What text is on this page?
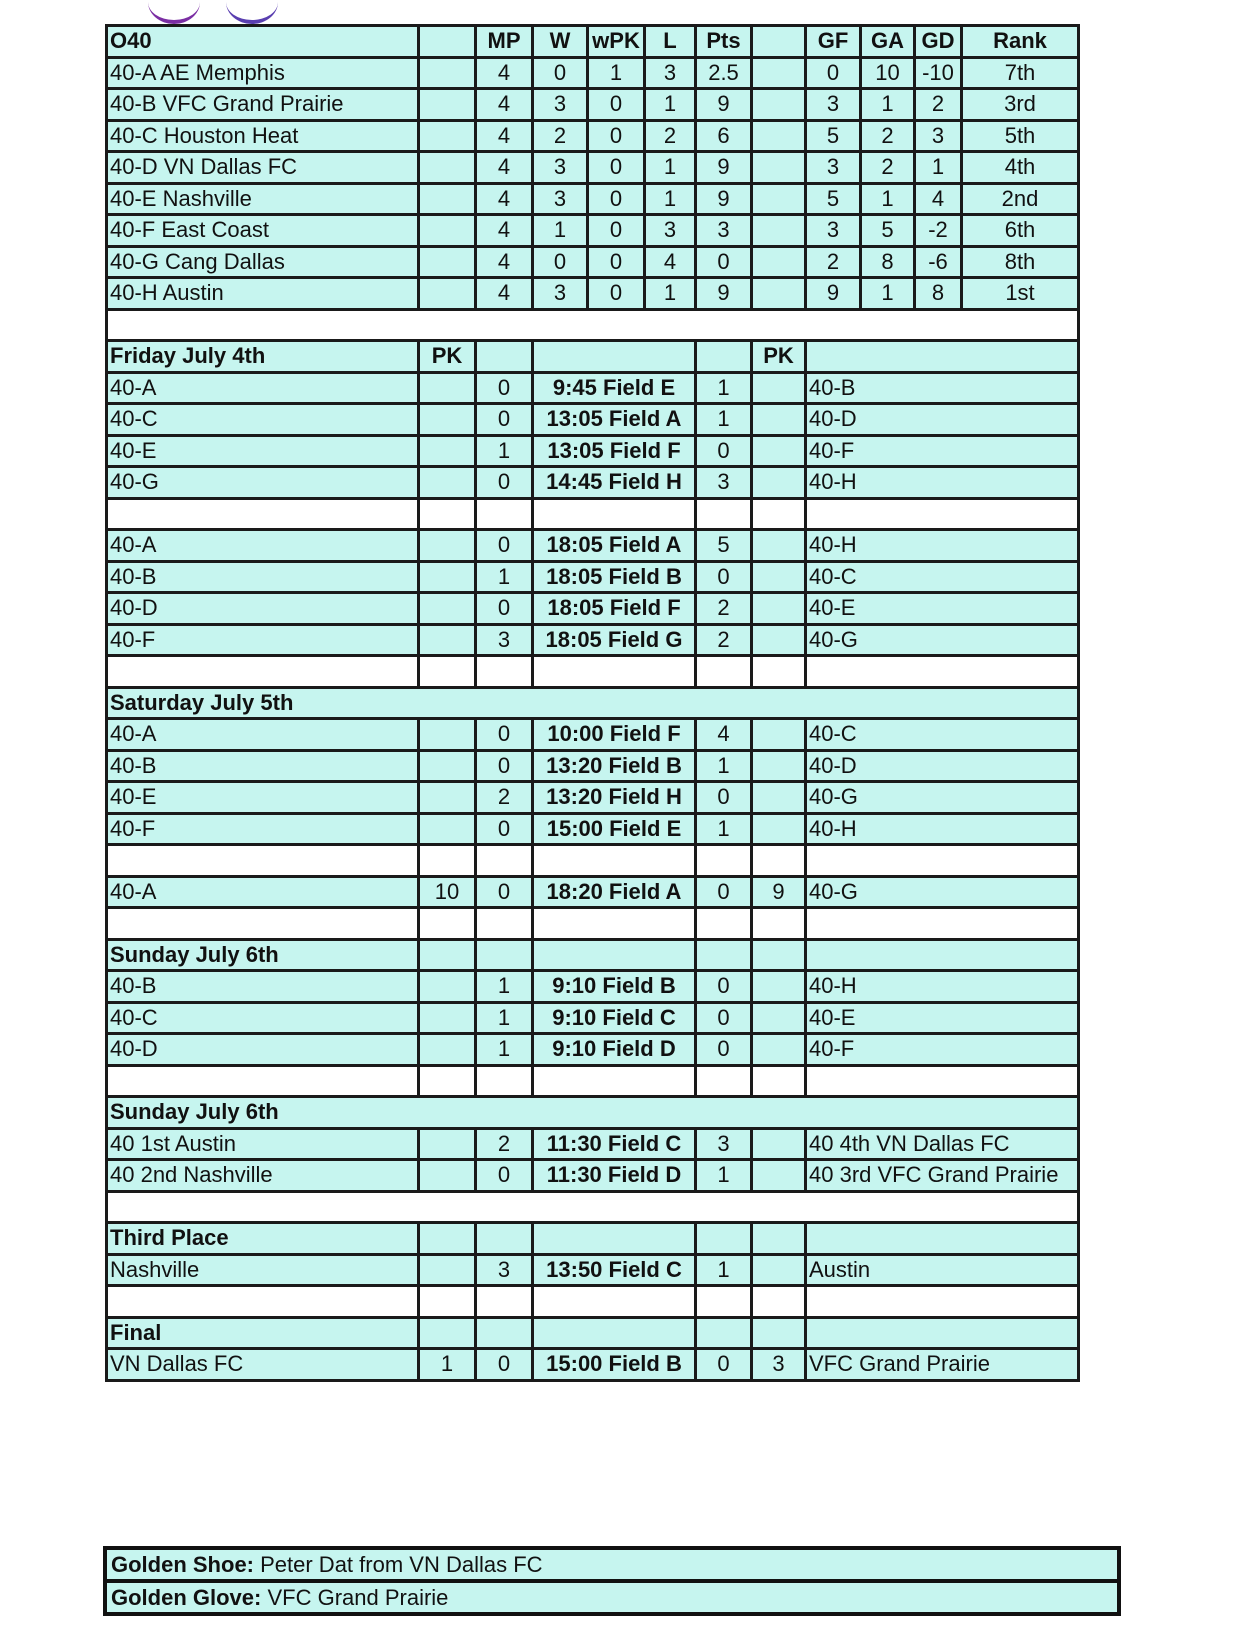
O40		MP	W	wPK	L	Pts		GF	GA	GD	Rank
40-A AE Memphis		4	0	1	3	2.5		0	10	-10	7th
40-B VFC Grand Prairie		4	3	0	1	9		3	1	2	3rd
40-C Houston Heat		4	2	0	2	6		5	2	3	5th
40-D VN Dallas FC		4	3	0	1	9		3	2	1	4th
40-E Nashville		4	3	0	1	9		5	1	4	2nd
40-F East Coast		4	1	0	3	3		3	5	-2	6th
40-G Cang Dallas		4	0	0	4	0		2	8	-6	8th
40-H Austin		4	3	0	1	9		9	1	8	1st

Friday July 4th	PK						PK				
40-A		0	9:45 Field E			1		40-B			
40-C		0	13:05 Field A			1		40-D			
40-E		1	13:05 Field F			0		40-F			
40-G		0	14:45 Field H			3		40-H			

40-A		0	18:05 Field A			5		40-H			
40-B		1	18:05 Field B			0		40-C			
40-D		0	18:05 Field F			2		40-E			
40-F		3	18:05 Field G			2		40-G			

Saturday July 5th											
40-A		0	10:00 Field F			4		40-C			
40-B		0	13:20 Field B			1		40-D			
40-E		2	13:20 Field H			0		40-G			
40-F		0	15:00 Field E			1		40-H			

40-A	10	0	18:20 Field A			0	9	40-G			

Sunday July 6th											
40-B		1	9:10 Field B			0		40-H			
40-C		1	9:10 Field C			0		40-E			
40-D		1	9:10 Field D			0		40-F			

Sunday July 6th											
40 1st Austin		2	11:30 Field C			3		40 4th VN Dallas FC			
40 2nd Nashville		0	11:30 Field D			1		40 3rd VFC Grand Prairie			

Third Place											
Nashville		3	13:50 Field C			1		Austin			

Final											
VN Dallas FC	1	0	15:00 Field B			0	3	VFC Grand Prairie			
Golden Shoe: Peter Dat from VN Dallas FC
Golden Glove: VFC Grand Prairie
